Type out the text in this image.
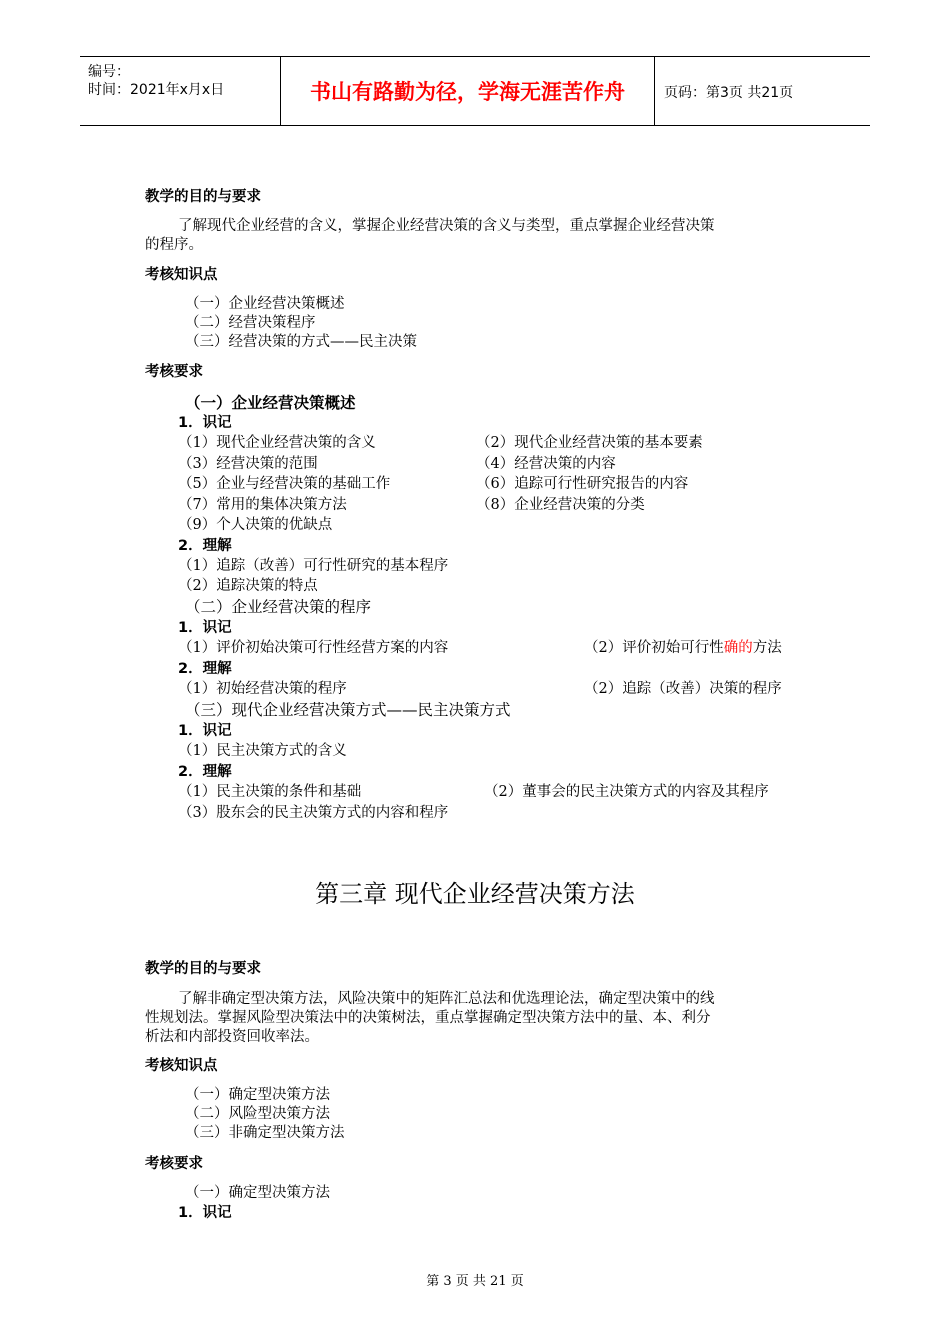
编号：
时间：2021年x月x日	书山有路勤为径，学海无涯苦作舟	页码：第3页 共21页
教学的目的与要求
了解现代企业经营的含义，掌握企业经营决策的含义与类型，重点掌握企业经营决策
的程序。
考核知识点
（一）企业经营决策概述
（二）经营决策程序
（三）经营决策的方式——民主决策
考核要求
（一）企业经营决策概述
1．识记
（1）现代企业经营决策的含义	（2）现代企业经营决策的基本要素
（3）经营决策的范围	（4）经营决策的内容
（5）企业与经营决策的基础工作	（6）追踪可行性研究报告的内容
（7）常用的集体决策方法	（8）企业经营决策的分类
（9）个人决策的优缺点
2．理解
（1）追踪（改善）可行性研究的基本程序
（2）追踪决策的特点
（二）企业经营决策的程序
1．识记
（1）评价初始决策可行性经营方案的内容	（2）评价初始可行性确的方法
2．理解
（1）初始经营决策的程序	（2）追踪（改善）决策的程序
（三）现代企业经营决策方式——民主决策方式
1．识记
（1）民主决策方式的含义
2．理解
（1）民主决策的条件和基础	（2）董事会的民主决策方式的内容及其程序
（3）股东会的民主决策方式的内容和程序
第三章 现代企业经营决策方法
教学的目的与要求
了解非确定型决策方法，风险决策中的矩阵汇总法和优选理论法，确定型决策中的线
性规划法。掌握风险型决策法中的决策树法，重点掌握确定型决策方法中的量、本、利分
析法和内部投资回收率法。
考核知识点
（一）确定型决策方法
（二）风险型决策方法
（三）非确定型决策方法
考核要求
（一）确定型决策方法
1．识记
第 3 页 共 21 页
